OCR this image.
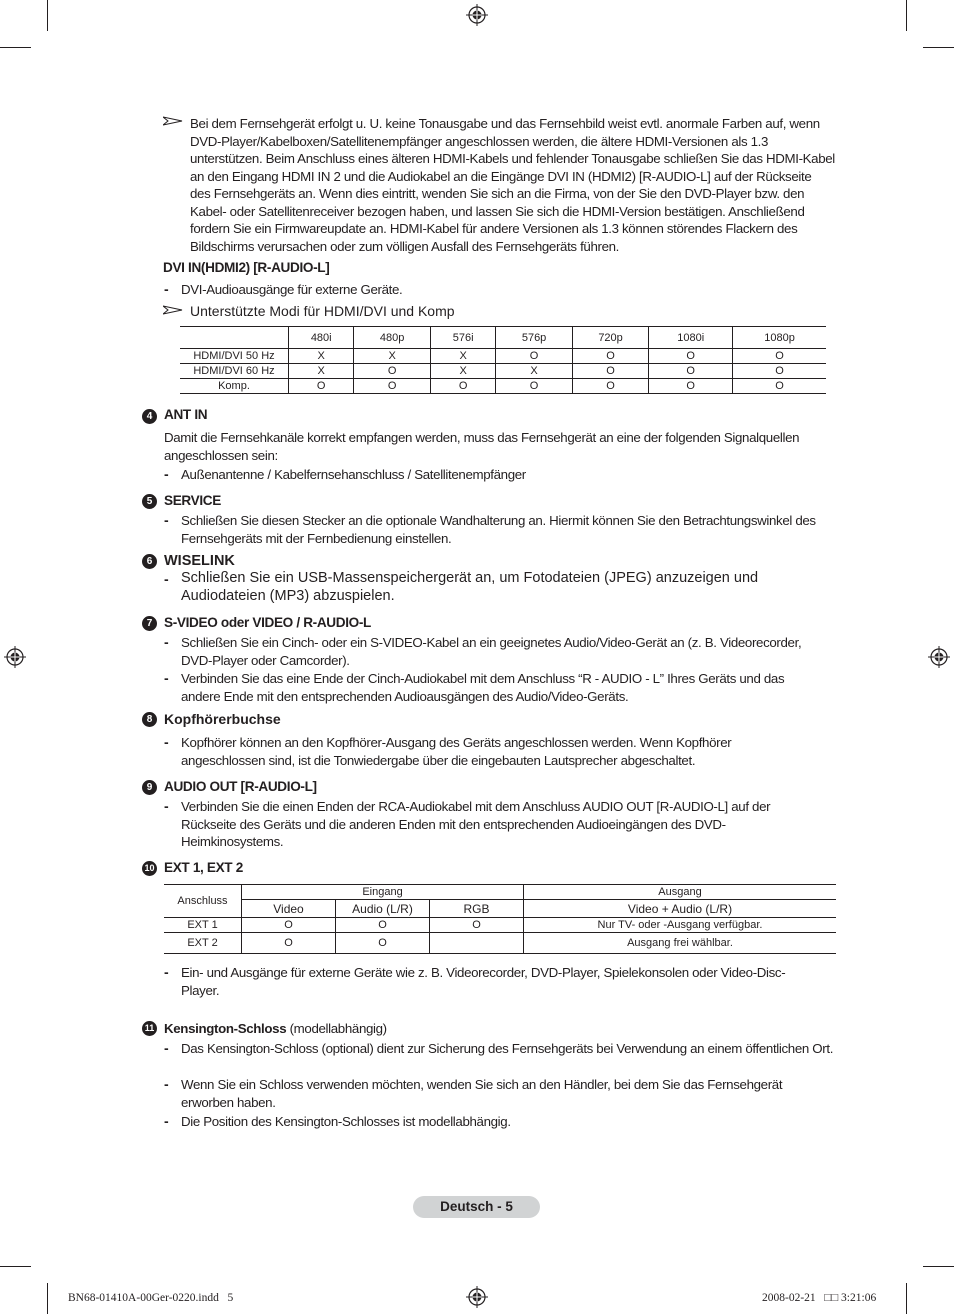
Bei dem Fernsehgerät erfolgt u. U. keine Tonausgabe und das Fernsehbild weist evtl. anormale Farben auf, wenn DVD-Player/Kabelboxen/Satellitenempfänger angeschlossen werden, die ältere HDMI-Versionen als 1.3 unterstützen. Beim Anschluss eines älteren HDMI-Kabels und fehlender Tonausgabe schließen Sie das HDMI-Kabel an den Eingang HDMI IN 2 und die Audiokabel an die Eingänge DVI IN (HDMI2) [R-AUDIO-L] auf der Rückseite des Fernsehgeräts an. Wenn dies eintritt, wenden Sie sich an die Firma, von der Sie den DVD-Player bzw. den Kabel- oder Satellitenreceiver bezogen haben, und lassen Sie sich die HDMI-Version bestätigen. Anschließend fordern Sie ein Firmwareupdate an. HDMI-Kabel für andere Versionen als 1.3 können störendes Flackern des Bildschirms verursachen oder zum völligen Ausfall des Fernsehgeräts führen.
DVI IN(HDMI2) [R-AUDIO-L]
- DVI-Audioausgänge für externe Geräte.
Unterstützte Modi für HDMI/DVI und Komp
	480i	480p	576i	576p	720p	1080i	1080p
HDMI/DVI 50 Hz	X	X	X	O	O	O	O
HDMI/DVI 60 Hz	X	O	X	X	O	O	O
Komp.	O	O	O	O	O	O	O
4 ANT IN
Damit die Fernsehkanäle korrekt empfangen werden, muss das Fernsehgerät an eine der folgenden Signalquellen angeschlossen sein:
- Außenantenne / Kabelfernsehanschluss / Satellitenempfänger
5 SERVICE
- Schließen Sie diesen Stecker an die optionale Wandhalterung an. Hiermit können Sie den Betrachtungswinkel des Fernsehgeräts mit der Fernbedienung einstellen.
6 WISELINK
- Schließen Sie ein USB-Massenspeichergerät an, um Fotodateien (JPEG) anzuzeigen und Audiodateien (MP3) abzuspielen.
7 S-VIDEO oder VIDEO / R-AUDIO-L
- Schließen Sie ein Cinch- oder ein S-VIDEO-Kabel an ein geeignetes Audio/Video-Gerät an (z. B. Videorecorder, DVD-Player oder Camcorder).
- Verbinden Sie das eine Ende der Cinch-Audiokabel mit dem Anschluss “R - AUDIO - L” Ihres Geräts und das andere Ende mit den entsprechenden Audioausgängen des Audio/Video-Geräts.
8 Kopfhörerbuchse
- Kopfhörer können an den Kopfhörer-Ausgang des Geräts angeschlossen werden. Wenn Kopfhörer angeschlossen sind, ist die Tonwiedergabe über die eingebauten Lautsprecher abgeschaltet.
9 AUDIO OUT [R-AUDIO-L]
- Verbinden Sie die einen Enden der RCA-Audiokabel mit dem Anschluss AUDIO OUT [R-AUDIO-L] auf der Rückseite des Geräts und die anderen Enden mit den entsprechenden Audioeingängen des DVD-Heimkinosystems.
10 EXT 1, EXT 2
Anschluss	Eingang			Ausgang
	Video	Audio (L/R)	RGB	Video + Audio (L/R)
EXT 1	O	O	O	Nur TV- oder -Ausgang verfügbar.
EXT 2	O	O		Ausgang frei wählbar.
- Ein- und Ausgänge für externe Geräte wie z. B. Videorecorder, DVD-Player, Spielekonsolen oder Video-Disc-Player.
11 Kensington-Schloss (modellabhängig)
- Das Kensington-Schloss (optional) dient zur Sicherung des Fernsehgeräts bei Verwendung an einem öffentlichen Ort.
- Wenn Sie ein Schloss verwenden möchten, wenden Sie sich an den Händler, bei dem Sie das Fernsehgerät erworben haben.
- Die Position des Kensington-Schlosses ist modellabhängig.
Deutsch - 5
BN68-01410A-00Ger-0220.indd   5	2008-02-21   □□ 3:21:06
